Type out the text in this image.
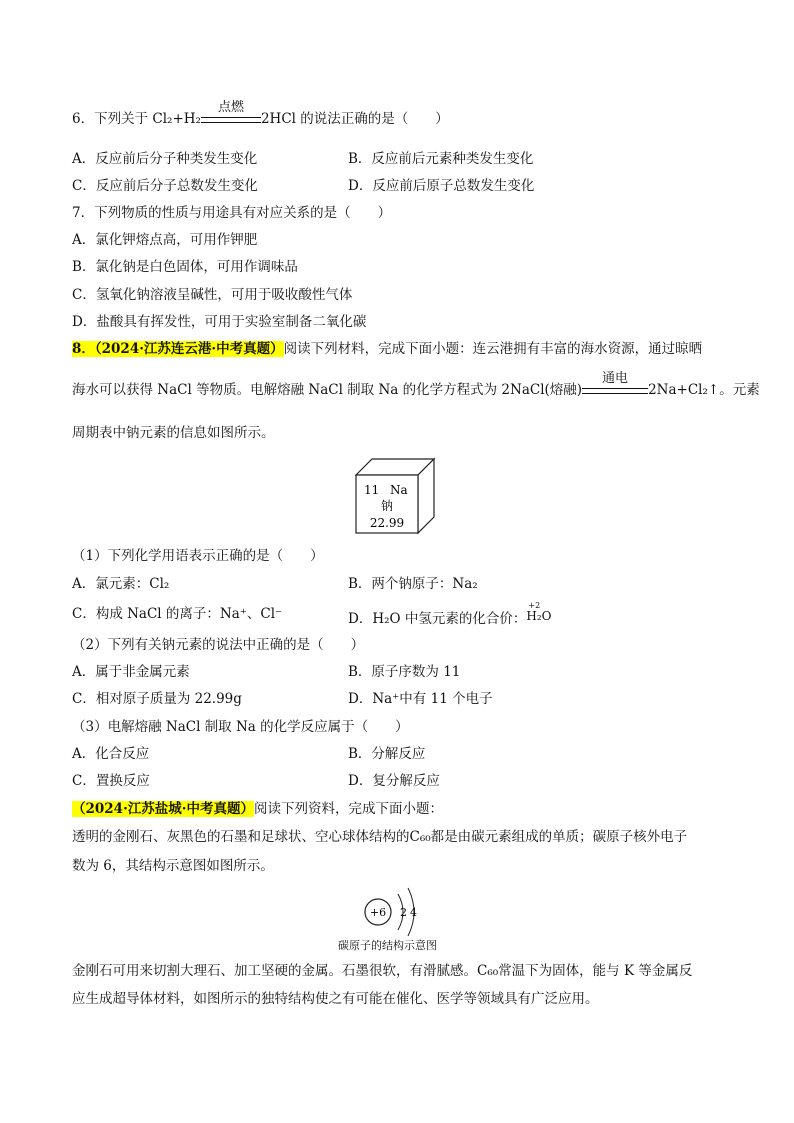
6．下列关于 Cl₂+H₂
点燃
2HCl 的说法正确的是（　　）
A．反应前后分子种类发生变化	B．反应前后元素种类发生变化
C．反应前后分子总数发生变化	D．反应前后原子总数发生变化
7．下列物质的性质与用途具有对应关系的是（　　）
A．氯化钾熔点高，可用作钾肥
B．氯化钠是白色固体，可用作调味品
C．氢氧化钠溶液呈碱性，可用于吸收酸性气体
D．盐酸具有挥发性，可用于实验室制备二氧化碳
8．（2024·江苏连云港·中考真题）阅读下列材料，完成下面小题：连云港拥有丰富的海水资源，通过晾晒
海水可以获得 NaCl 等物质。电解熔融 NaCl 制取 Na 的化学方程式为 2NaCl(熔融)
通电
2Na+Cl₂↑。元素
周期表中钠元素的信息如图所示。
11 Na
钠
22.99
（1）下列化学用语表示正确的是（　　）
A．氯元素：Cl₂	B．两个钠原子：Na₂
C．构成 NaCl 的离子：Na⁺、Cl⁻	D．H₂O 中氢元素的化合价：
+2
H₂O
（2）下列有关钠元素的说法中正确的是（　　）
A．属于非金属元素	B．原子序数为 11
C．相对原子质量为 22.99g	D．Na⁺中有 11 个电子
（3）电解熔融 NaCl 制取 Na 的化学反应属于（　　）
A．化合反应	B．分解反应
C．置换反应	D．复分解反应
（2024·江苏盐城·中考真题）阅读下列资料，完成下面小题：
透明的金刚石、灰黑色的石墨和足球状、空心球体结构的C₆₀都是由碳元素组成的单质；碳原子核外电子
数为 6，其结构示意图如图所示。
+6 2 4
碳原子的结构示意图
金刚石可用来切割大理石、加工坚硬的金属。石墨很软，有滑腻感。C₆₀常温下为固体，能与 K 等金属反
应生成超导体材料，如图所示的独特结构使之有可能在催化、医学等领域具有广泛应用。
